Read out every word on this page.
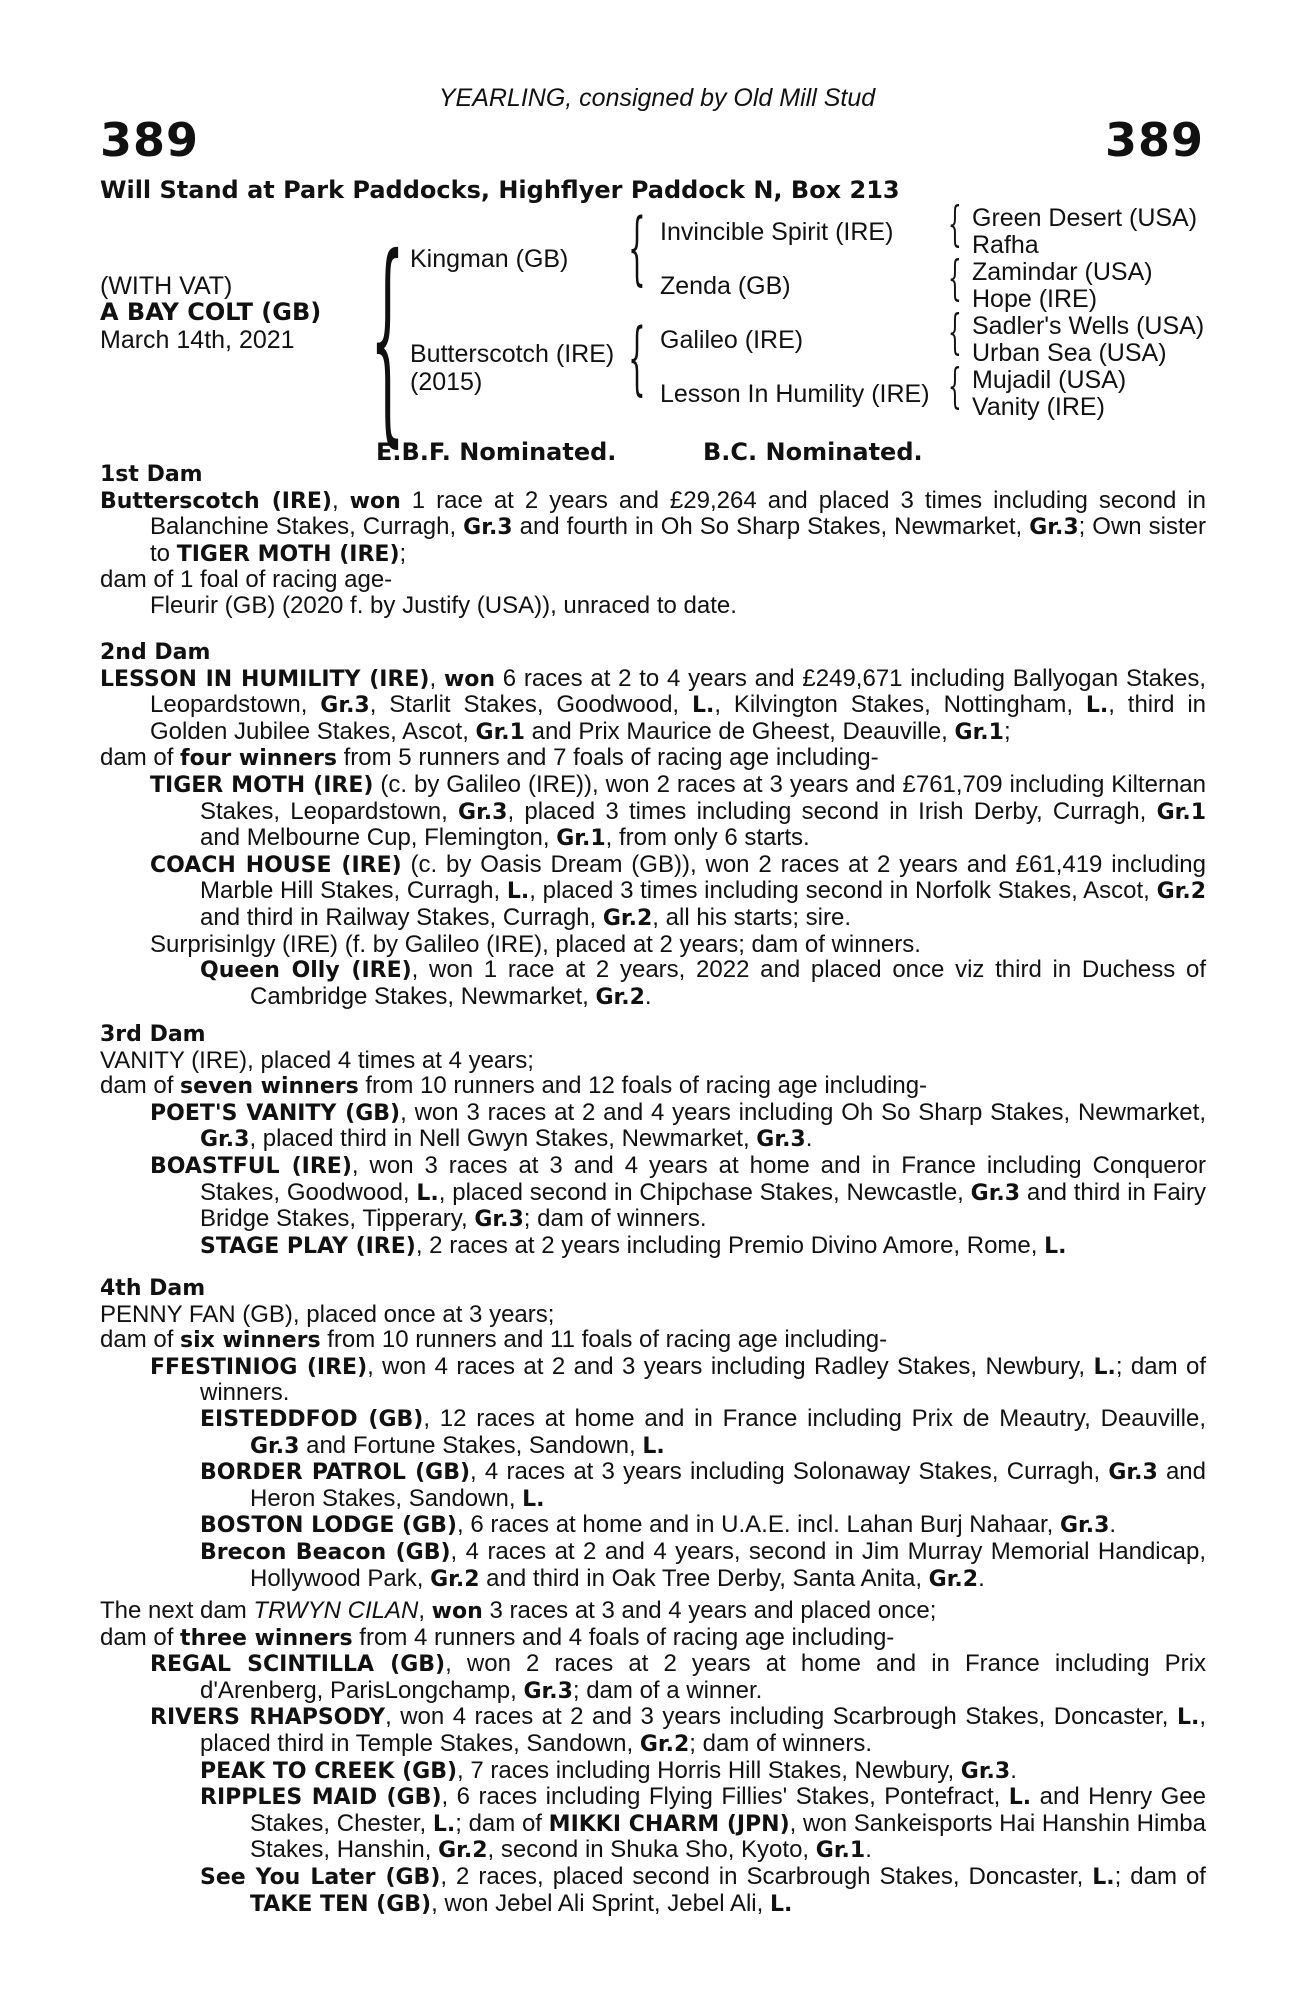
YEARLING, consigned by Old Mill Stud
389	389
Will Stand at Park Paddocks, Highflyer Paddock N, Box 213
(WITH VAT)
A BAY COLT (GB)
March 14th, 2021 { Kingman (GB)
Butterscotch (IRE)
(2015)
{
{
Invincible Spirit (IRE)
Zenda (GB)
Galileo (IRE)
Lesson In Humility (IRE)
{
{
{
{
Green Desert (USA)
Rafha
Zamindar (USA)
Hope (IRE)
Sadler's Wells (USA)
Urban Sea (USA)
Mujadil (USA)
Vanity (IRE)
E.B.F. Nominated.	B.C. Nominated.

1st Dam

Butterscotch (IRE), won 1 race at 2 years and £29,264 and placed 3 times including second in Balanchine Stakes, Curragh, Gr.3 and fourth in Oh So Sharp Stakes, Newmarket, Gr.3; Own sister to TIGER MOTH (IRE);

dam of 1 foal of racing age-

Fleurir (GB) (2020 f. by Justify (USA)), unraced to date.

2nd Dam

LESSON IN HUMILITY (IRE), won 6 races at 2 to 4 years and £249,671 including Ballyogan Stakes, Leopardstown, Gr.3, Starlit Stakes, Goodwood, L., Kilvington Stakes, Nottingham, L., third in Golden Jubilee Stakes, Ascot, Gr.1 and Prix Maurice de Gheest, Deauville, Gr.1;

dam of four winners from 5 runners and 7 foals of racing age including-

TIGER MOTH (IRE) (c. by Galileo (IRE)), won 2 races at 3 years and £761,709 including Kilternan Stakes, Leopardstown, Gr.3, placed 3 times including second in Irish Derby, Curragh, Gr.1 and Melbourne Cup, Flemington, Gr.1, from only 6 starts.

COACH HOUSE (IRE) (c. by Oasis Dream (GB)), won 2 races at 2 years and £61,419 including Marble Hill Stakes, Curragh, L., placed 3 times including second in Norfolk Stakes, Ascot, Gr.2 and third in Railway Stakes, Curragh, Gr.2, all his starts; sire.

Surprisinlgy (IRE) (f. by Galileo (IRE), placed at 2 years; dam of winners.

Queen Olly (IRE), won 1 race at 2 years, 2022 and placed once viz third in Duchess of Cambridge Stakes, Newmarket, Gr.2.

3rd Dam

VANITY (IRE), placed 4 times at 4 years;

dam of seven winners from 10 runners and 12 foals of racing age including-

POET'S VANITY (GB), won 3 races at 2 and 4 years including Oh So Sharp Stakes, Newmarket, Gr.3, placed third in Nell Gwyn Stakes, Newmarket, Gr.3.

BOASTFUL (IRE), won 3 races at 3 and 4 years at home and in France including Conqueror Stakes, Goodwood, L., placed second in Chipchase Stakes, Newcastle, Gr.3 and third in Fairy Bridge Stakes, Tipperary, Gr.3; dam of winners.

STAGE PLAY (IRE), 2 races at 2 years including Premio Divino Amore, Rome, L.

4th Dam

PENNY FAN (GB), placed once at 3 years;

dam of six winners from 10 runners and 11 foals of racing age including-

FFESTINIOG (IRE), won 4 races at 2 and 3 years including Radley Stakes, Newbury, L.; dam of winners.

EISTEDDFOD (GB), 12 races at home and in France including Prix de Meautry, Deauville, Gr.3 and Fortune Stakes, Sandown, L.

BORDER PATROL (GB), 4 races at 3 years including Solonaway Stakes, Curragh, Gr.3 and Heron Stakes, Sandown, L.

BOSTON LODGE (GB), 6 races at home and in U.A.E. incl. Lahan Burj Nahaar, Gr.3.

Brecon Beacon (GB), 4 races at 2 and 4 years, second in Jim Murray Memorial Handicap, Hollywood Park, Gr.2 and third in Oak Tree Derby, Santa Anita, Gr.2.

The next dam TRWYN CILAN, won 3 races at 3 and 4 years and placed once;

dam of three winners from 4 runners and 4 foals of racing age including-

REGAL SCINTILLA (GB), won 2 races at 2 years at home and in France including Prix d'Arenberg, ParisLongchamp, Gr.3; dam of a winner.

RIVERS RHAPSODY, won 4 races at 2 and 3 years including Scarbrough Stakes, Doncaster, L., placed third in Temple Stakes, Sandown, Gr.2; dam of winners.

PEAK TO CREEK (GB), 7 races including Horris Hill Stakes, Newbury, Gr.3.

RIPPLES MAID (GB), 6 races including Flying Fillies' Stakes, Pontefract, L. and Henry Gee Stakes, Chester, L.; dam of MIKKI CHARM (JPN), won Sankeisports Hai Hanshin Himba Stakes, Hanshin, Gr.2, second in Shuka Sho, Kyoto, Gr.1.

See You Later (GB), 2 races, placed second in Scarbrough Stakes, Doncaster, L.; dam of TAKE TEN (GB), won Jebel Ali Sprint, Jebel Ali, L.
